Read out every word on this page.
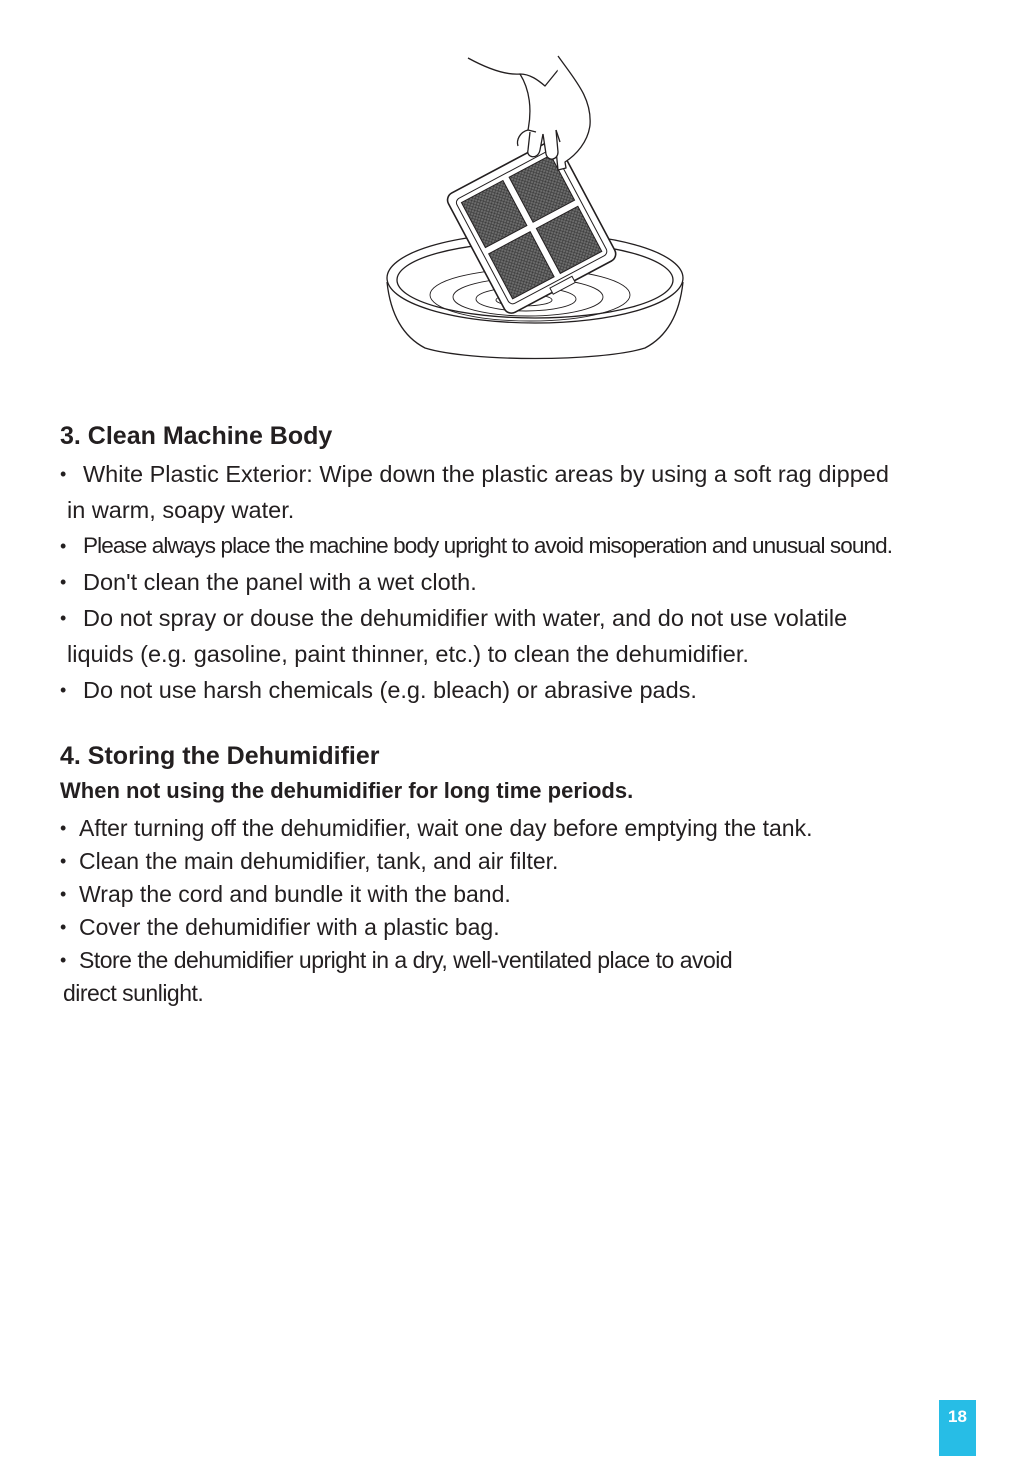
3. Clean Machine Body
• White Plastic Exterior: Wipe down the plastic areas by using a soft rag dipped
in warm, soapy water.
• Please always place the machine body upright to avoid misoperation and unusual sound.
• Don't clean the panel with a wet cloth.
• Do not spray or douse the dehumidifier with water, and do not use volatile
liquids (e.g. gasoline, paint thinner, etc.) to clean the dehumidifier.
• Do not use harsh chemicals (e.g. bleach) or abrasive pads.
4. Storing the Dehumidifier
When not using the dehumidifier for long time periods.
• After turning off the dehumidifier, wait one day before emptying the tank.
• Clean the main dehumidifier, tank, and air filter.
• Wrap the cord and bundle it with the band.
• Cover the dehumidifier with a plastic bag.
• Store the dehumidifier upright in a dry, well-ventilated place to avoid
direct sunlight.
18
